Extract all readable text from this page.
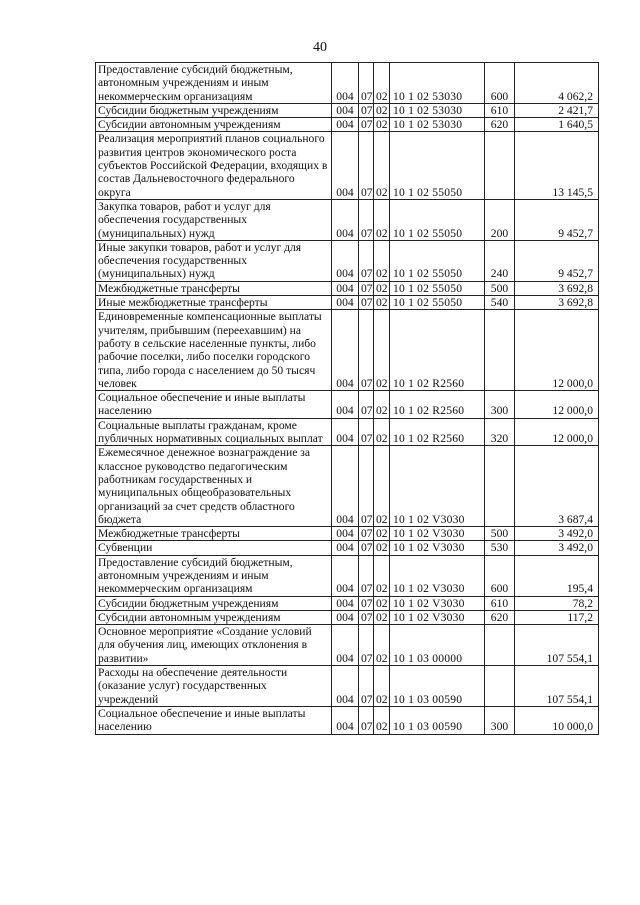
40
Предоставление субсидий бюджетным, автономным учреждениям и иным некоммерческим организациям	004	07	02	10 1 02 53030	600	4 062,2
Субсидии бюджетным учреждениям	004	07	02	10 1 02 53030	610	2 421,7
Субсидии автономным учреждениям	004	07	02	10 1 02 53030	620	1 640,5
Реализация мероприятий планов социального развития центров экономического роста субъектов Российской Федерации, входящих в состав Дальневосточного федерального округа	004	07	02	10 1 02 55050		13 145,5
Закупка товаров, работ и услуг для обеспечения государственных (муниципальных) нужд	004	07	02	10 1 02 55050	200	9 452,7
Иные закупки товаров, работ и услуг для обеспечения государственных (муниципальных) нужд	004	07	02	10 1 02 55050	240	9 452,7
Межбюджетные трансферты	004	07	02	10 1 02 55050	500	3 692,8
Иные межбюджетные трансферты	004	07	02	10 1 02 55050	540	3 692,8
Единовременные компенсационные выплаты учителям, прибывшим (переехавшим) на работу в сельские населенные пункты, либо рабочие поселки, либо поселки городского типа, либо города с населением до 50 тысяч человек	004	07	02	10 1 02 R2560		12 000,0
Социальное обеспечение и иные выплаты населению	004	07	02	10 1 02 R2560	300	12 000,0
Социальные выплаты гражданам, кроме публичных нормативных социальных выплат	004	07	02	10 1 02 R2560	320	12 000,0
Ежемесячное денежное вознаграждение за классное руководство педагогическим работникам государственных и муниципальных общеобразовательных организаций за счет средств областного бюджета	004	07	02	10 1 02 V3030		3 687,4
Межбюджетные трансферты	004	07	02	10 1 02 V3030	500	3 492,0
Субвенции	004	07	02	10 1 02 V3030	530	3 492,0
Предоставление субсидий бюджетным, автономным учреждениям и иным некоммерческим организациям	004	07	02	10 1 02 V3030	600	195,4
Субсидии бюджетным учреждениям	004	07	02	10 1 02 V3030	610	78,2
Субсидии автономным учреждениям	004	07	02	10 1 02 V3030	620	117,2
Основное мероприятие «Создание условий для обучения лиц, имеющих отклонения в развитии»	004	07	02	10 1 03 00000		107 554,1
Расходы на обеспечение деятельности (оказание услуг) государственных учреждений	004	07	02	10 1 03 00590		107 554,1
Социальное обеспечение и иные выплаты населению	004	07	02	10 1 03 00590	300	10 000,0
